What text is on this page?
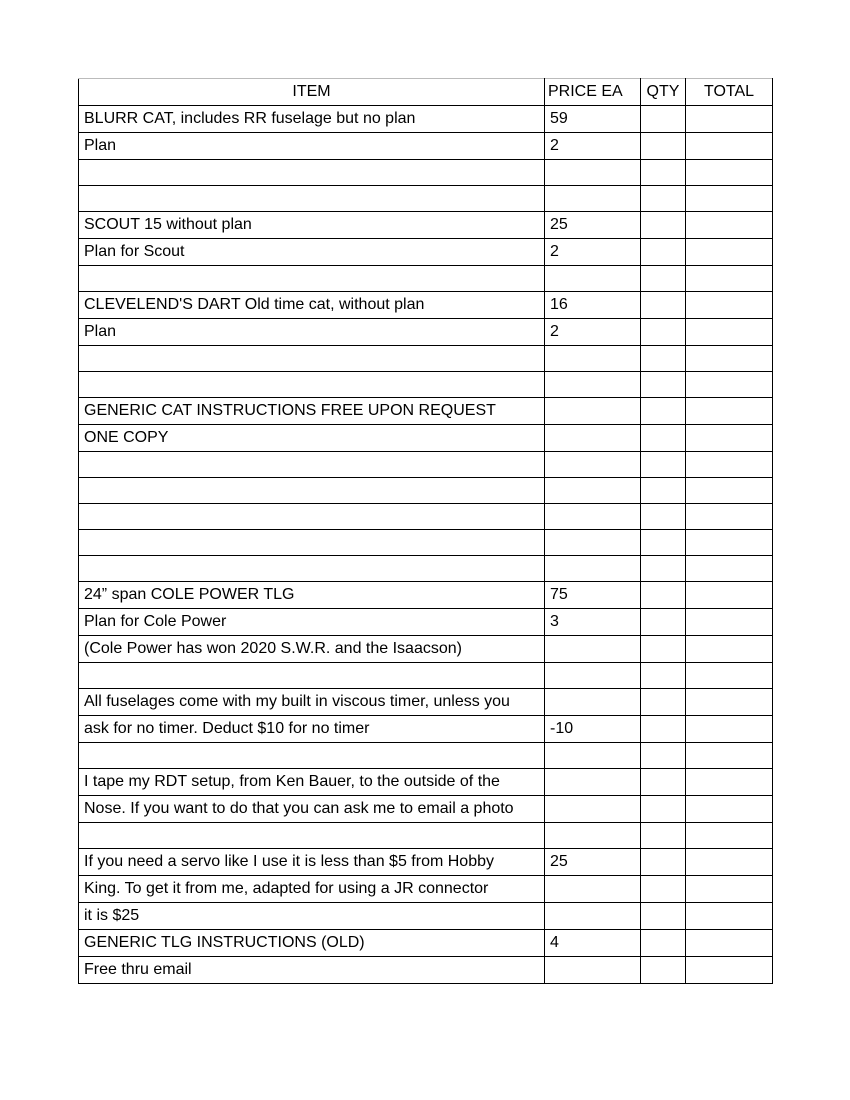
ITEM	PRICE EA	QTY	TOTAL
BLURR CAT, includes RR fuselage but no plan	59		
Plan	2		

SCOUT 15 without plan	25		
Plan for Scout	2		

CLEVELEND'S DART Old time cat, without plan	16		
Plan	2		

GENERIC CAT INSTRUCTIONS FREE UPON REQUEST			
ONE COPY			

24” span COLE POWER TLG	75		
Plan for Cole Power	3		
(Cole Power has won 2020 S.W.R. and the Isaacson)			

All fuselages come with my built in viscous timer, unless you			
ask for no timer. Deduct $10 for no timer	-10		

I tape my RDT setup, from Ken Bauer, to the outside of the			
Nose. If you want to do that you can ask me to email a photo			

If you need a servo like I use it is less than $5 from Hobby	25		
King. To get it from me, adapted for using a JR connector			
it is $25			
GENERIC TLG INSTRUCTIONS (OLD)	4		
Free thru email			
